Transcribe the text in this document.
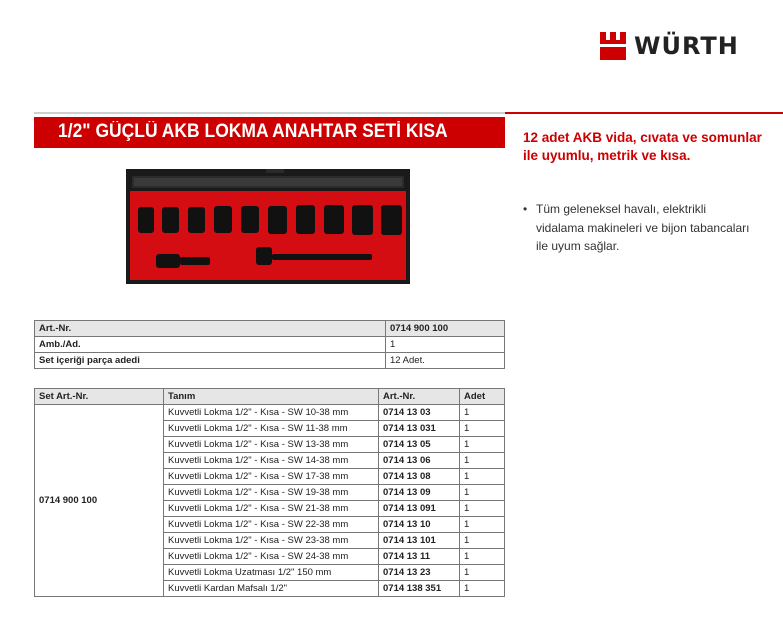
WÜRTH
1/2" GÜÇLÜ AKB LOKMA ANAHTAR SETİ KISA	12 adet AKB vida, cıvata ve somunlar ile uyumlu, metrik ve kısa.
• Tüm geleneksel havalı, elektrikli vidalama makineleri ve bijon tabancaları ile uyum sağlar.
Art.-Nr.	0714 900 100
Amb./Ad.	1
Set içeriği parça adedi	12 Adet.
Set Art.-Nr.	Tanım	Art.-Nr.	Adet
0714 900 100	Kuvvetli Lokma 1/2" - Kısa - SW 10-38 mm	0714 13 03	1
	Kuvvetli Lokma 1/2" - Kısa - SW 11-38 mm	0714 13 031	1
	Kuvvetli Lokma 1/2" - Kısa - SW 13-38 mm	0714 13 05	1
	Kuvvetli Lokma 1/2" - Kısa - SW 14-38 mm	0714 13 06	1
	Kuvvetli Lokma 1/2" - Kısa - SW 17-38 mm	0714 13 08	1
	Kuvvetli Lokma 1/2" - Kısa - SW 19-38 mm	0714 13 09	1
	Kuvvetli Lokma 1/2" - Kısa - SW 21-38 mm	0714 13 091	1
	Kuvvetli Lokma 1/2" - Kısa - SW 22-38 mm	0714 13 10	1
	Kuvvetli Lokma 1/2" - Kısa - SW 23-38 mm	0714 13 101	1
	Kuvvetli Lokma 1/2" - Kısa - SW 24-38 mm	0714 13 11	1
	Kuvvetli Lokma Uzatması 1/2" 150 mm	0714 13 23	1
	Kuvvetli Kardan Mafsalı 1/2"	0714 138 351	1
